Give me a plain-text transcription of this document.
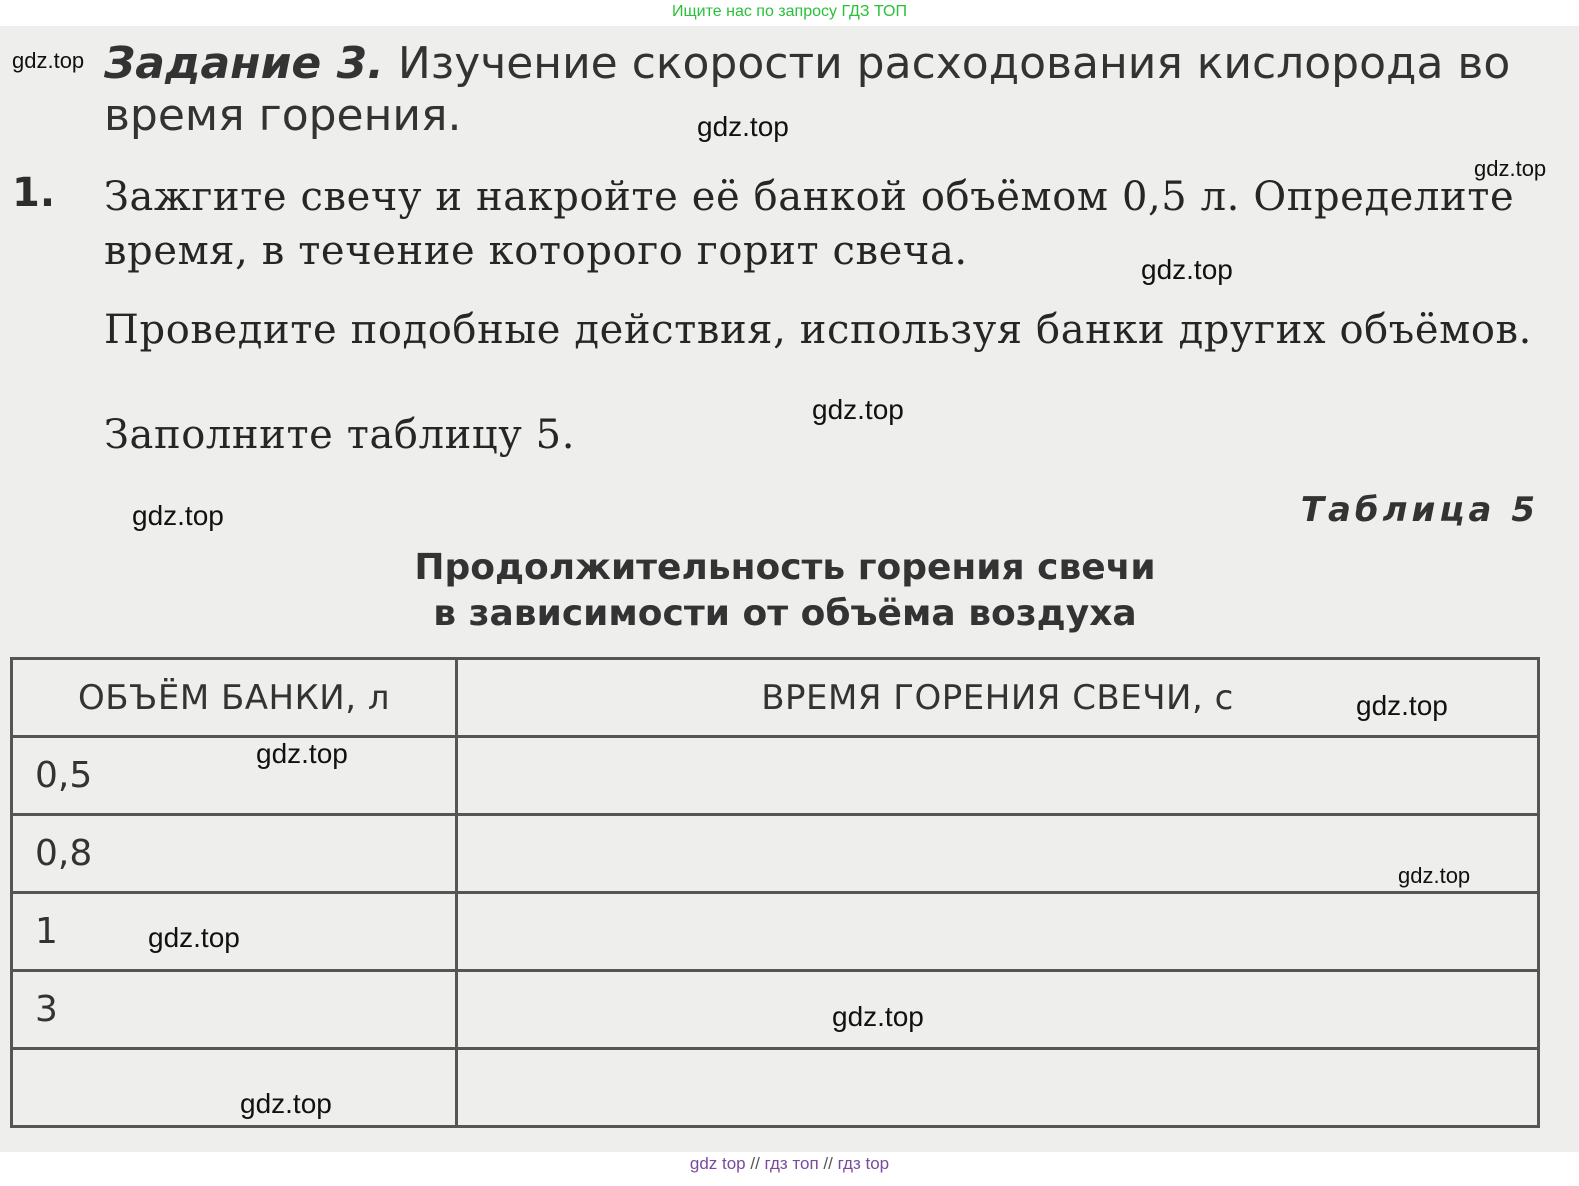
Ищите нас по запросу ГДЗ ТОП
Задание 3. Изучение скорости расходования кислорода во время горения.
1. Зажгите свечу и накройте её банкой объёмом 0,5 л. Определите время, в течение которого горит свеча.
Проведите подобные действия, используя банки других объёмов.
Заполните таблицу 5.
Таблица 5
Продолжительность горения свечи
в зависимости от объёма воздуха
ОБЪЁМ БАНКИ, л	ВРЕМЯ ГОРЕНИЯ СВЕЧИ, с
0,5	
0,8	
1	
3	

gdz.top
gdz.top
gdz.top
gdz.top
gdz.top
gdz.top
gdz.top
gdz.top
gdz.top
gdz.top
gdz.top
gdz.top
gdz top // гдз топ // гдз top
